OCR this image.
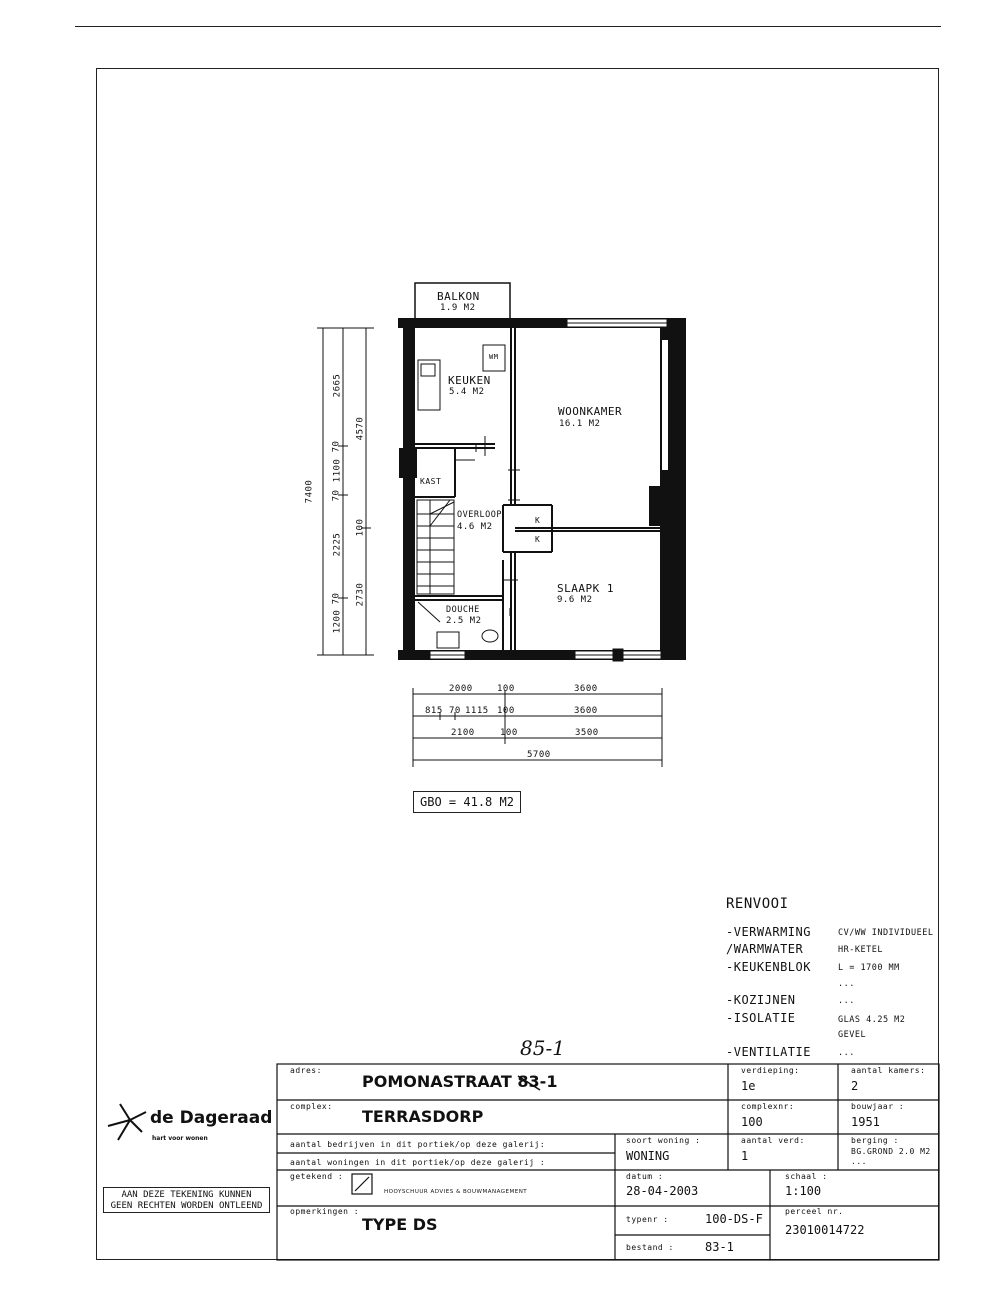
BALKON
1.9 M2
WM
KEUKEN
5.4 M2
WOONKAMER
16.1 M2
KAST
OVERLOOP
4.6 M2
K
K
SLAAPK 1
9.6 M2
DOUCHE
2.5 M2
7400
2665
70
1100
70
2225
70
1200
4570
100
2730
2000	100	3600
815 70 1115 100	3600
2100	100	3500
5700
GBO = 41.8 M2
RENVOOI
-VERWARMING	CV/WW INDIVIDUEEL
/WARMWATER	HR-KETEL
-KEUKENBLOK	L = 1700 MM
...
-KOZIJNEN	...
-ISOLATIE	GLAS 4.25 M2
GEVEL
-VENTILATIE	...
85-1
adres:
POMONASTRAAT 83-1
verdieping:
1e
aantal kamers:
2
complex:
TERRASDORP
complexnr:
100
bouwjaar :
1951
aantal bedrijven in dit portiek/op deze galerij:
aantal woningen in dit portiek/op deze galerij :
soort woning :
WONING
aantal verd:
1
berging :
BG.GROND 2.0 M2
...
getekend :
HOOYSCHUUR ADVIES & BOUWMANAGEMENT
datum :
28-04-2003
schaal :
1:100
opmerkingen :
TYPE DS	typenr :	100-DS-F
perceel nr.
23010014722
bestand :	83-1
de Dageraad
hart voor wonen
AAN DEZE TEKENING KUNNEN
GEEN RECHTEN WORDEN ONTLEEND
